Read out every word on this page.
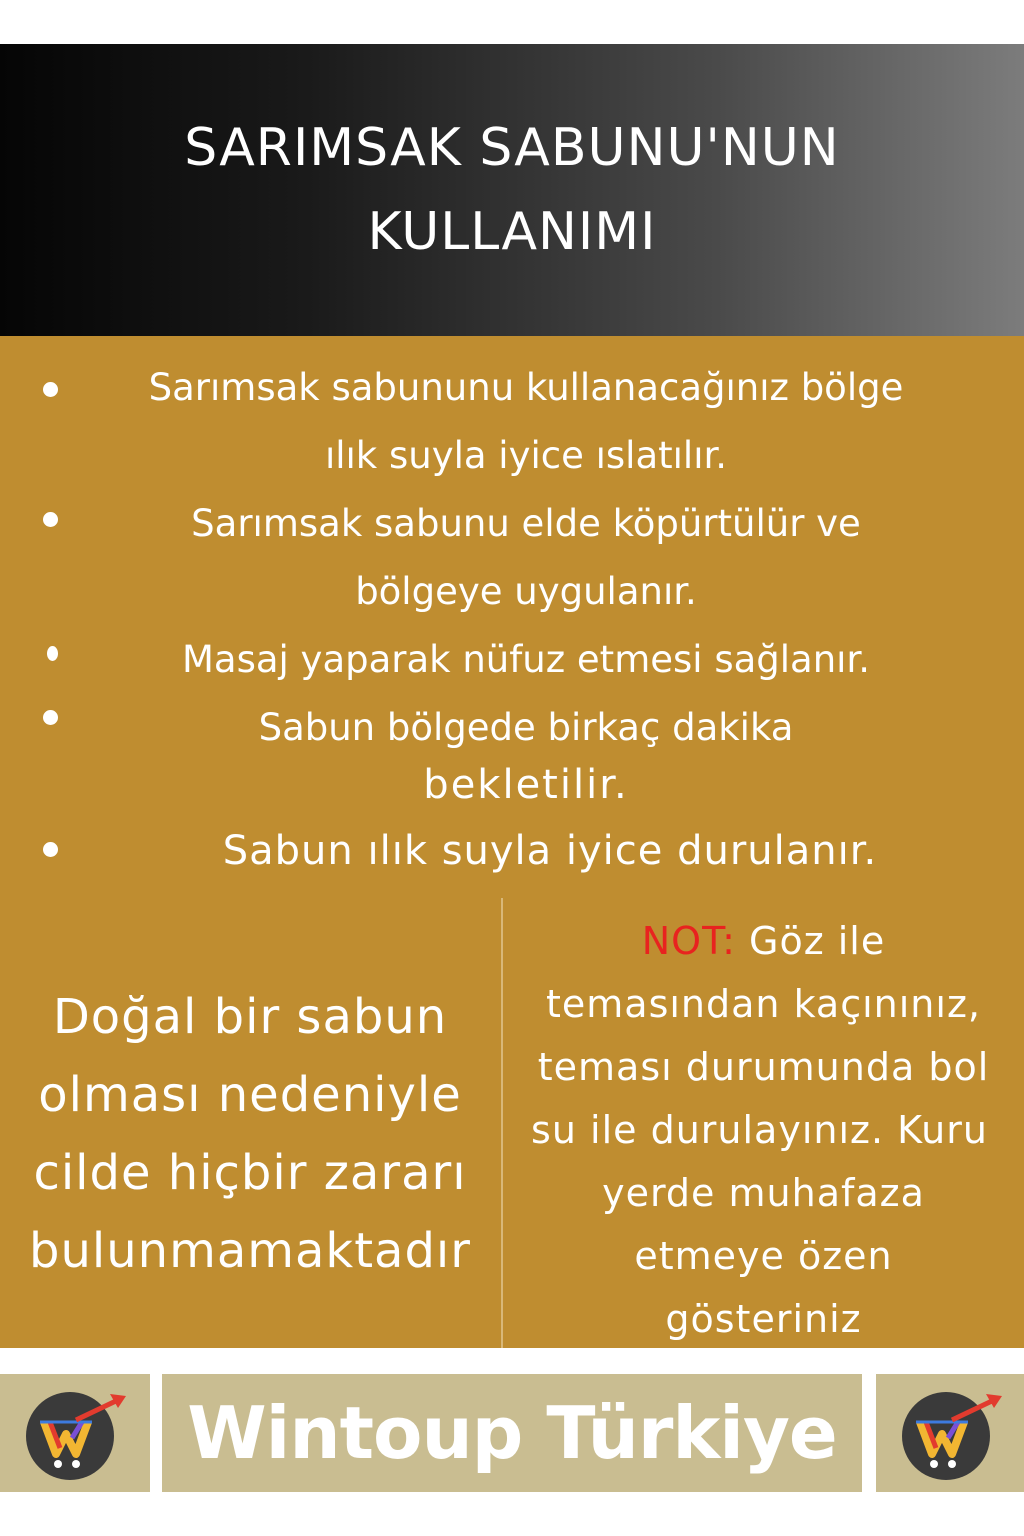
SARIMSAK SABUNU'NUN
KULLANIMI
Sarımsak sabununu kullanacağınız bölge
ılık suyla iyice ıslatılır.
Sarımsak sabunu elde köpürtülür ve
bölgeye uygulanır.
Masaj yaparak nüfuz etmesi sağlanır.
Sabun bölgede birkaç dakika
bekletilir.
Sabun ılık suyla iyice durulanır.
Doğal bir sabun
olması nedeniyle
cilde hiçbir zararı
bulunmamaktadır
NOT: Göz ile
temasından kaçınınız,
teması durumunda bol
su ile durulayınız. Kuru
yerde muhafaza
etmeye özen
gösteriniz
Wintoup Türkiye
